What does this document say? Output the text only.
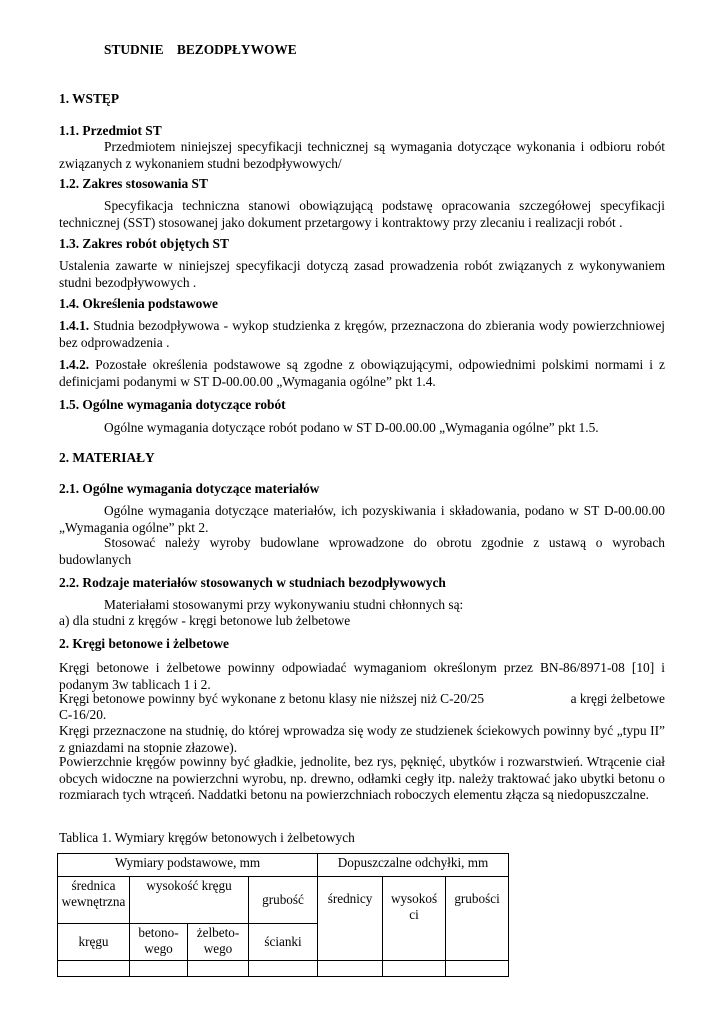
STUDNIE    BEZODPŁYWOWE

1. WSTĘP

1.1. Przedmiot ST

Przedmiotem niniejszej specyfikacji technicznej są wymagania dotyczące wykonania i odbioru robót związanych z wykonaniem studni bezodpływowych/

1.2. Zakres stosowania ST

Specyfikacja techniczna stanowi obowiązującą podstawę opracowania szczegółowej specyfikacji technicznej (SST) stosowanej jako dokument przetargowy i kontraktowy przy zlecaniu i realizacji robót .

1.3. Zakres robót objętych ST

Ustalenia zawarte w niniejszej specyfikacji dotyczą zasad prowadzenia robót związanych z wykonywaniem studni bezodpływowych .

1.4. Określenia podstawowe

1.4.1. Studnia bezodpływowa - wykop studzienka z kręgów, przeznaczona do zbierania wody powierzchniowej bez odprowadzenia .

1.4.2. Pozostałe określenia podstawowe są zgodne z obowiązującymi, odpowiednimi polskimi normami i z definicjami podanymi w ST D-00.00.00 „Wymagania ogólne” pkt 1.4.

1.5. Ogólne wymagania dotyczące robót

Ogólne wymagania dotyczące robót podano w ST D-00.00.00 „Wymagania ogólne” pkt 1.5.

2. MATERIAŁY

2.1. Ogólne wymagania dotyczące materiałów

Ogólne wymagania dotyczące materiałów, ich pozyskiwania i składowania, podano w ST D-00.00.00 „Wymagania ogólne” pkt 2.

Stosować należy wyroby budowlane wprowadzone do obrotu zgodnie z ustawą o wyrobach budowlanych

2.2. Rodzaje materiałów stosowanych w studniach bezodpływowych

Materiałami stosowanymi przy wykonywaniu studni chłonnych są:

a) dla studni z kręgów - kręgi betonowe lub żelbetowe

2. Kręgi betonowe i żelbetowe

Kręgi betonowe i żelbetowe powinny odpowiadać wymaganiom określonym przez BN-86/8971-08 [10] i podanym 3w tablicach 1 i 2.

Kręgi betonowe powinny być wykonane z betonu klasy nie niższej niż C-20/25	a kręgi żelbetowe

C-16/20.

Kręgi przeznaczone na studnię, do której wprowadza się wody ze studzienek ściekowych powinny być „typu II” z gniazdami na stopnie złazowe).

Powierzchnie kręgów powinny być gładkie, jednolite, bez rys, pęknięć, ubytków i rozwarstwień. Wtrącenie ciał obcych widoczne na powierzchni wyrobu, np. drewno, odłamki cegły itp. należy traktować jako ubytki betonu o rozmiarach tych wtrąceń. Naddatki betonu na powierzchniach roboczych elementu złącza są niedopuszczalne.

Tablica 1. Wymiary kręgów betonowych i żelbetowych

Wymiary podstawowe, mm				Dopuszczalne odchyłki, mm		
średnica wewnętrzna	wysokość kręgu		grubość	średnicy	wysokoś ci	grubości
kręgu	betono-wego	żelbeto-wego	ścianki			
